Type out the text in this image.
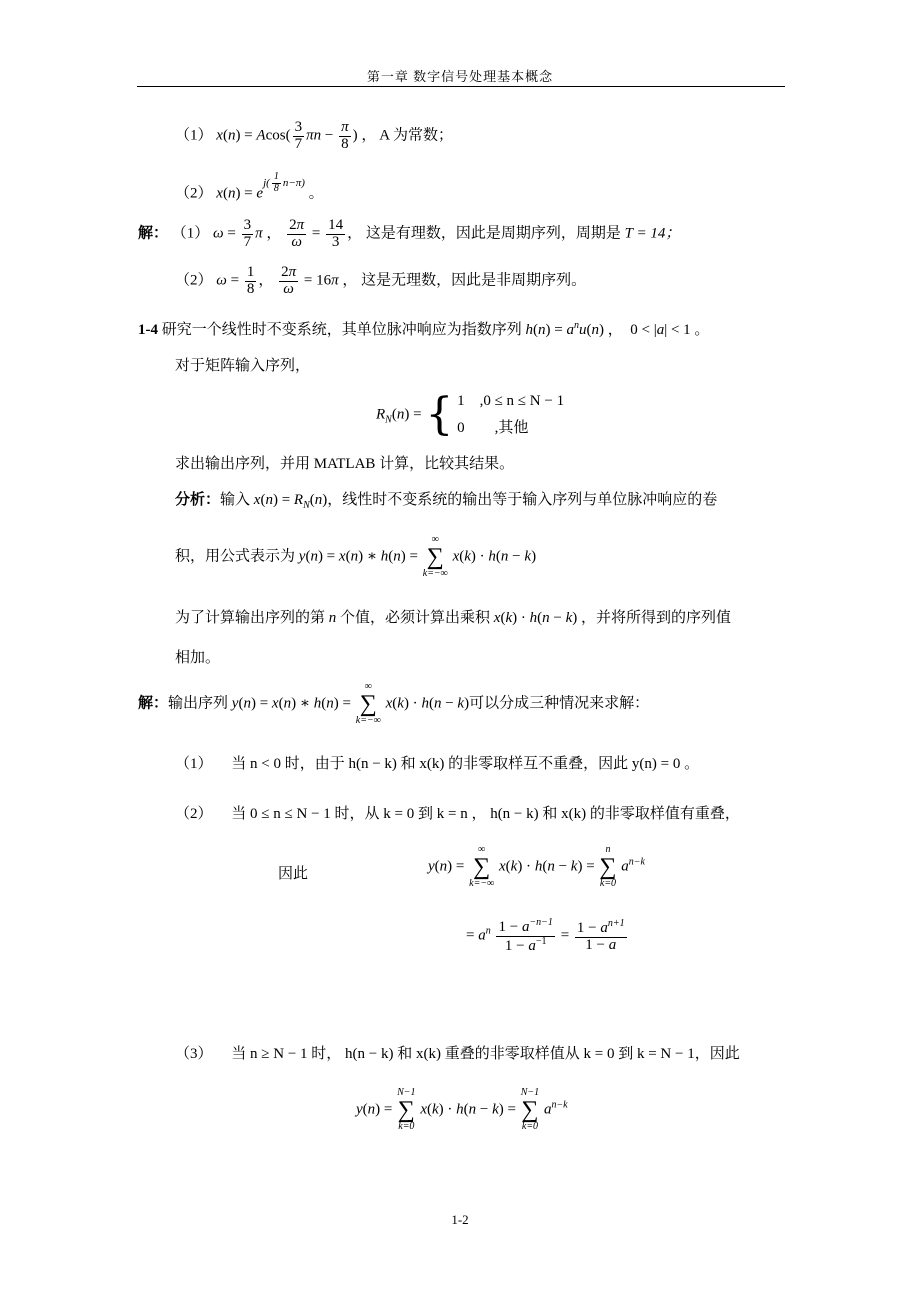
第一章 数字信号处理基本概念
（1） $x(n) = Acos( \frac{3}{7}$ $\pi n - \frac{\pi}{8}$ ) ， A 为常数；
（2） $x(n) = e^{j( \frac{1}{8} n-\pi)}$ 。
解： （1） $\omega = \frac{3}{7}$ π ， $\frac{2\pi}{\omega} = \frac{14}{3}$ ， 这是有理数，因此是周期序列，周期是 T = 14；
（2） $\omega = \frac{1}{8}$ ， $\frac{2\pi}{\omega} = 16\pi$ ， 这是无理数，因此是非周期序列。
1-4 研究一个线性时不变系统，其单位脉冲响应为指数序列 $h(n) = a^nu(n)$ ，  0 < |a| < 1 。
对于矩阵输入序列，
$R_N(n)$ = { 1    ,0 ≤ n ≤ N − 1
0        ,其他
求出输出序列，并用 MATLAB 计算，比较其结果。
分析：输入 $x(n) = R_N(n)$，线性时不变系统的输出等于输入序列与单位脉冲响应的卷
积，用公式表示为 y(n) = x(n) ∗ h(n) =
∞
∑
k=−∞
x(k) · h(n − k)
为了计算输出序列的第 n 个值，必须计算出乘积 x(k) · h(n − k) ，并将所得到的序列值
相加。
解：输出序列 y(n) = x(n) ∗ h(n) =
∞
∑
k=−∞
x(k) · h(n − k)可以分成三种情况来求解：
（1） 当 n < 0 时，由于 h(n − k) 和 x(k) 的非零取样互不重叠，因此 y(n) = 0 。
（2） 当 0 ≤ n ≤ N − 1 时，从 k = 0 到 k = n ， h(n − k) 和 x(k) 的非零取样值有重叠，
因此	y(n) =
∞
∑
k=−∞
x(k) · h(n − k) =
n
∑
k=0
$a^{n-k}$
= $a^n \frac{1 - a^{-n-1}}{1 - a^{-1}} = \frac{1 - a^{n+1}}{1 - a}$
（3） 当 n ≥ N − 1 时， h(n − k) 和 x(k) 重叠的非零取样值从 k = 0 到 k = N − 1，因此
y(n) =
N−1
∑
k=0
x(k) · h(n − k) =
N−1
∑
k=0
$a^{n-k}$
1-2
